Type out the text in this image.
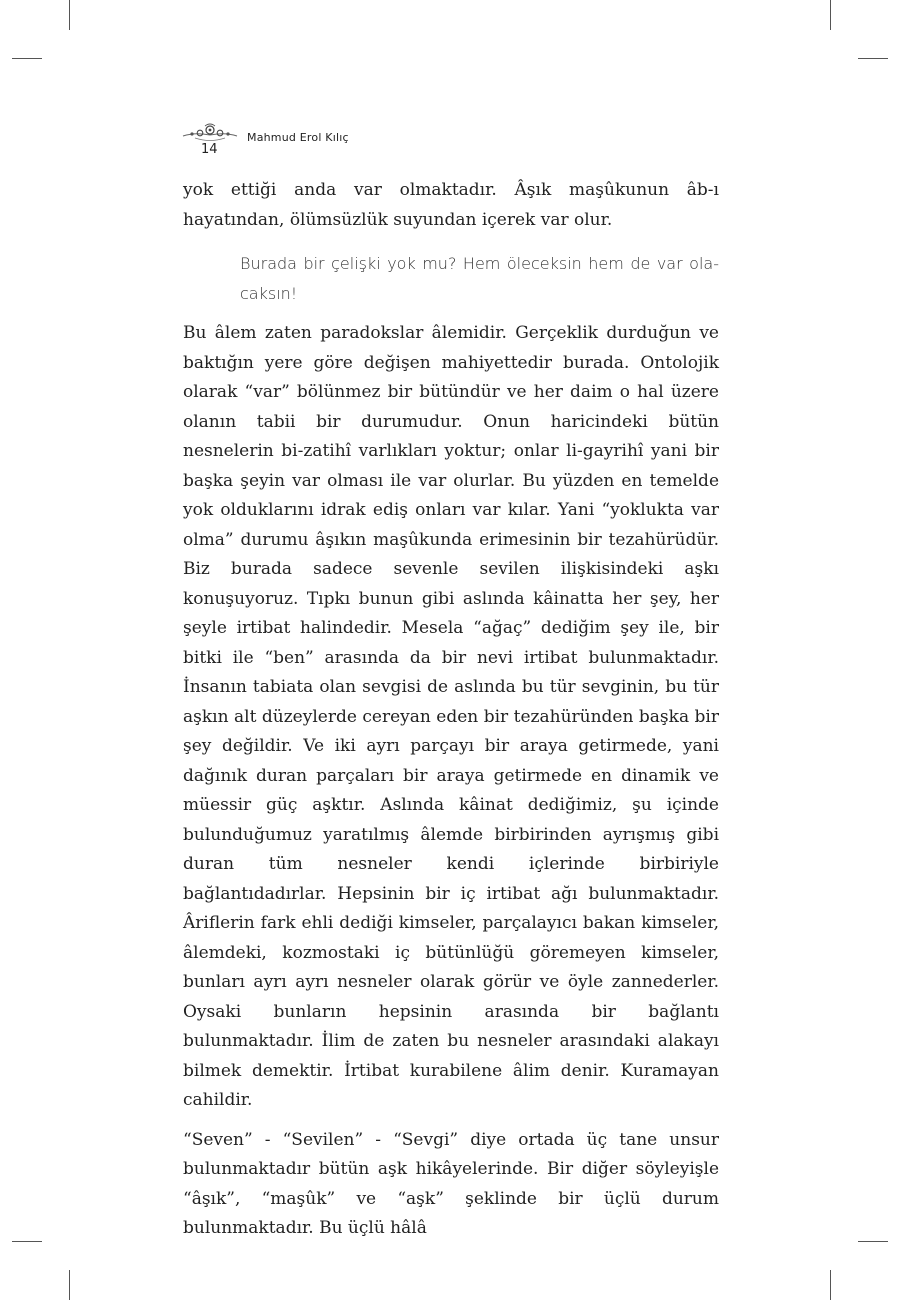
14
Mahmud Erol Kılıç

yok ettiği anda var olmaktadır. Âşık maşûkunun âb-ı hayatından, ölümsüzlük suyundan içerek var olur.

Burada bir çelişki yok mu? Hem öleceksin hem de var olacaksın!

Bu âlem zaten paradokslar âlemidir. Gerçeklik durduğun ve baktığın yere göre değişen mahiyettedir burada. Ontolojik olarak “var” bölünmez bir bütündür ve her daim o hal üzere olanın tabii bir durumudur. Onun haricindeki bütün nesnelerin bi-zatihî varlıkları yoktur; onlar li-gayrihî yani bir başka şeyin var olması ile var olurlar. Bu yüzden en temelde yok olduklarını idrak ediş onları var kılar. Yani “yoklukta var olma” durumu âşıkın maşûkunda erimesinin bir tezahürüdür. Biz burada sadece sevenle sevilen ilişkisindeki aşkı konuşuyoruz. Tıpkı bunun gibi aslında kâinatta her şey, her şeyle irtibat halindedir. Mesela “ağaç” dediğim şey ile, bir bitki ile “ben” arasında da bir nevi irtibat bulunmaktadır. İnsanın tabiata olan sevgisi de aslında bu tür sevginin, bu tür aşkın alt düzeylerde cereyan eden bir tezahüründen başka bir şey değildir. Ve iki ayrı parçayı bir araya getirmede, yani dağınık duran parçaları bir araya getirmede en dinamik ve müessir güç aşktır. Aslında kâinat dediğimiz, şu içinde bulunduğumuz yaratılmış âlemde birbirinden ayrışmış gibi duran tüm nesneler kendi içlerinde birbiriyle bağlantıdadırlar. Hepsinin bir iç irtibat ağı bulunmaktadır. Âriflerin fark ehli dediği kimseler, parçalayıcı bakan kimseler, âlemdeki, kozmostaki iç bütünlüğü göremeyen kimseler, bunları ayrı ayrı nesneler olarak görür ve öyle zannederler. Oysaki bunların hepsinin arasında bir bağlantı bulunmaktadır. İlim de zaten bu nesneler arasındaki alakayı bilmek demektir. İrtibat kurabilene âlim denir. Kuramayan cahildir.

“Seven” - “Sevilen” - “Sevgi” diye ortada üç tane unsur bulunmaktadır bütün aşk hikâyelerinde. Bir diğer söyleyişle “âşık”, “maşûk” ve “aşk” şeklinde bir üçlü durum bulunmaktadır. Bu üçlü hâlâ
